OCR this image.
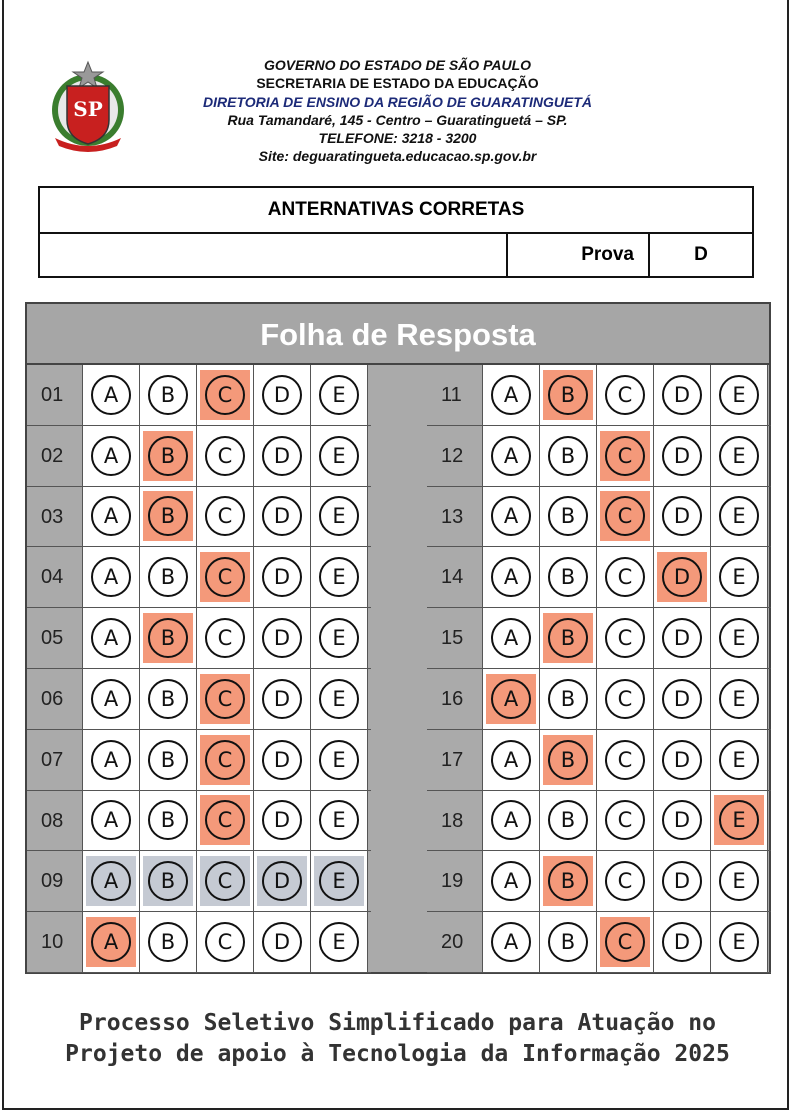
SP
GOVERNO DO ESTADO DE SÃO PAULO
SECRETARIA DE ESTADO DA EDUCAÇÃO
DIRETORIA DE ENSINO DA REGIÃO DE GUARATINGUETÁ
Rua Tamandaré, 145 - Centro – Guaratinguetá – SP.
TELEFONE: 3218 - 3200
Site: deguaratingueta.educacao.sp.gov.br
ANTERNATIVAS CORRETAS
Prova	D
Folha de Resposta
01	A	B	C	D	E
02	A	B	C	D	E
03	A	B	C	D	E
04	A	B	C	D	E
05	A	B	C	D	E
06	A	B	C	D	E
07	A	B	C	D	E
08	A	B	C	D	E
09	A	B	C	D	E
10	A	B	C	D	E
11	A	B	C	D	E
12	A	B	C	D	E
13	A	B	C	D	E
14	A	B	C	D	E
15	A	B	C	D	E
16	A	B	C	D	E
17	A	B	C	D	E
18	A	B	C	D	E
19	A	B	C	D	E
20	A	B	C	D	E
Processo Seletivo Simplificado para Atuação no
Projeto de apoio à Tecnologia da Informação 2025
